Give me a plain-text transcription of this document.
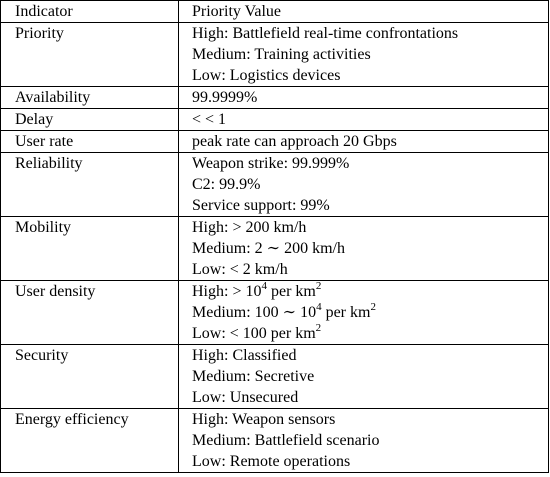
Indicator	Priority Value
Priority	High: Battlefield real-time confrontations
Medium: Training activities
Low: Logistics devices

Availability	99.9999%

Delay	< < 1

User rate	peak rate can approach 20 Gbps

Reliability	Weapon strike: 99.999%
C2: 99.9%
Service support: 99%

Mobility	High: > 200 km/h
Medium: 2 ∼ 200 km/h
Low: < 2 km/h

User density	High: > $10^4$ per $km^2$
Medium: 100 ∼ $10^4$ per $km^2$
Low: < 100 per $km^2$

Security	High: Classified
Medium: Secretive
Low: Unsecured

Energy efficiency	High: Weapon sensors
Medium: Battlefield scenario
Low: Remote operations
